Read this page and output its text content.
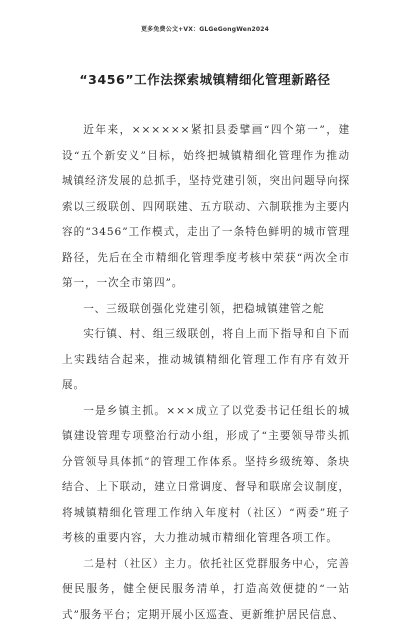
更多免费公文+VX：GLGeGongWen2024
“3456”工作法探索城镇精细化管理新路径

近年来，××××××紧扣县委擘画“四个第一”，建设“五个新安义”目标，始终把城镇精细化管理作为推动城镇经济发展的总抓手，坚持党建引领，突出问题导向探索以三级联创、四网联建、五方联动、六制联推为主要内容的“3456”工作模式，走出了一条特色鲜明的城市管理路径，先后在全市精细化管理季度考核中荣获“两次全市第一，一次全市第四”。

一、三级联创强化党建引领，把稳城镇建管之舵

实行镇、村、组三级联创，将自上而下指导和自下而上实践结合起来，推动城镇精细化管理工作有序有效开展。

一是乡镇主抓。×××成立了以党委书记任组长的城镇建设管理专项整治行动小组，形成了“主要领导带头抓分管领导具体抓”的管理工作体系。坚持乡级统筹、条块结合、上下联动，建立日常调度、督导和联席会议制度，将城镇精细化管理工作纳入年度村（社区）“两委”班子考核的重要内容，大力推动城市精细化管理各项工作。

二是村（社区）主力。依托社区党群服务中心，完善便民服务，健全便民服务清单，打造高效便捷的“一站式”服务平台；定期开展小区巡查、更新维护居民信息、
